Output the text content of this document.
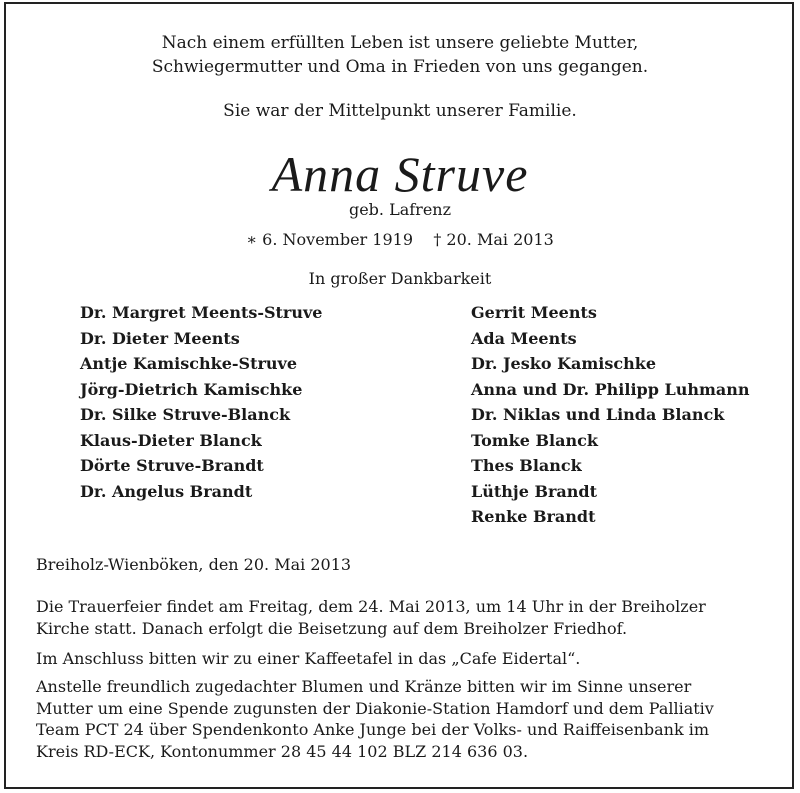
Nach einem erfüllten Leben ist unsere geliebte Mutter,
Schwiegermutter und Oma in Frieden von uns gegangen.
Sie war der Mittelpunkt unserer Familie.
Anna Struve
geb. Lafrenz
∗ 6. November 1919    † 20. Mai 2013
In großer Dankbarkeit
Dr. Margret Meents-Struve
Dr. Dieter Meents
Antje Kamischke-Struve
Jörg-Dietrich Kamischke
Dr. Silke Struve-Blanck
Klaus-Dieter Blanck
Dörte Struve-Brandt
Dr. Angelus Brandt
Gerrit Meents
Ada Meents
Dr. Jesko Kamischke
Anna und Dr. Philipp Luhmann
Dr. Niklas und Linda Blanck
Tomke Blanck
Thes Blanck
Lüthje Brandt
Renke Brandt
Breiholz-Wienböken, den 20. Mai 2013
Die Trauerfeier findet am Freitag, dem 24. Mai 2013, um 14 Uhr in der Breiholzer
Kirche statt. Danach erfolgt die Beisetzung auf dem Breiholzer Friedhof.
Im Anschluss bitten wir zu einer Kaffeetafel in das „Cafe Eidertal“.
Anstelle freundlich zugedachter Blumen und Kränze bitten wir im Sinne unserer
Mutter um eine Spende zugunsten der Diakonie-Station Hamdorf und dem Palliativ
Team PCT 24 über Spendenkonto Anke Junge bei der Volks- und Raiffeisenbank im
Kreis RD-ECK, Kontonummer 28 45 44 102 BLZ 214 636 03.
